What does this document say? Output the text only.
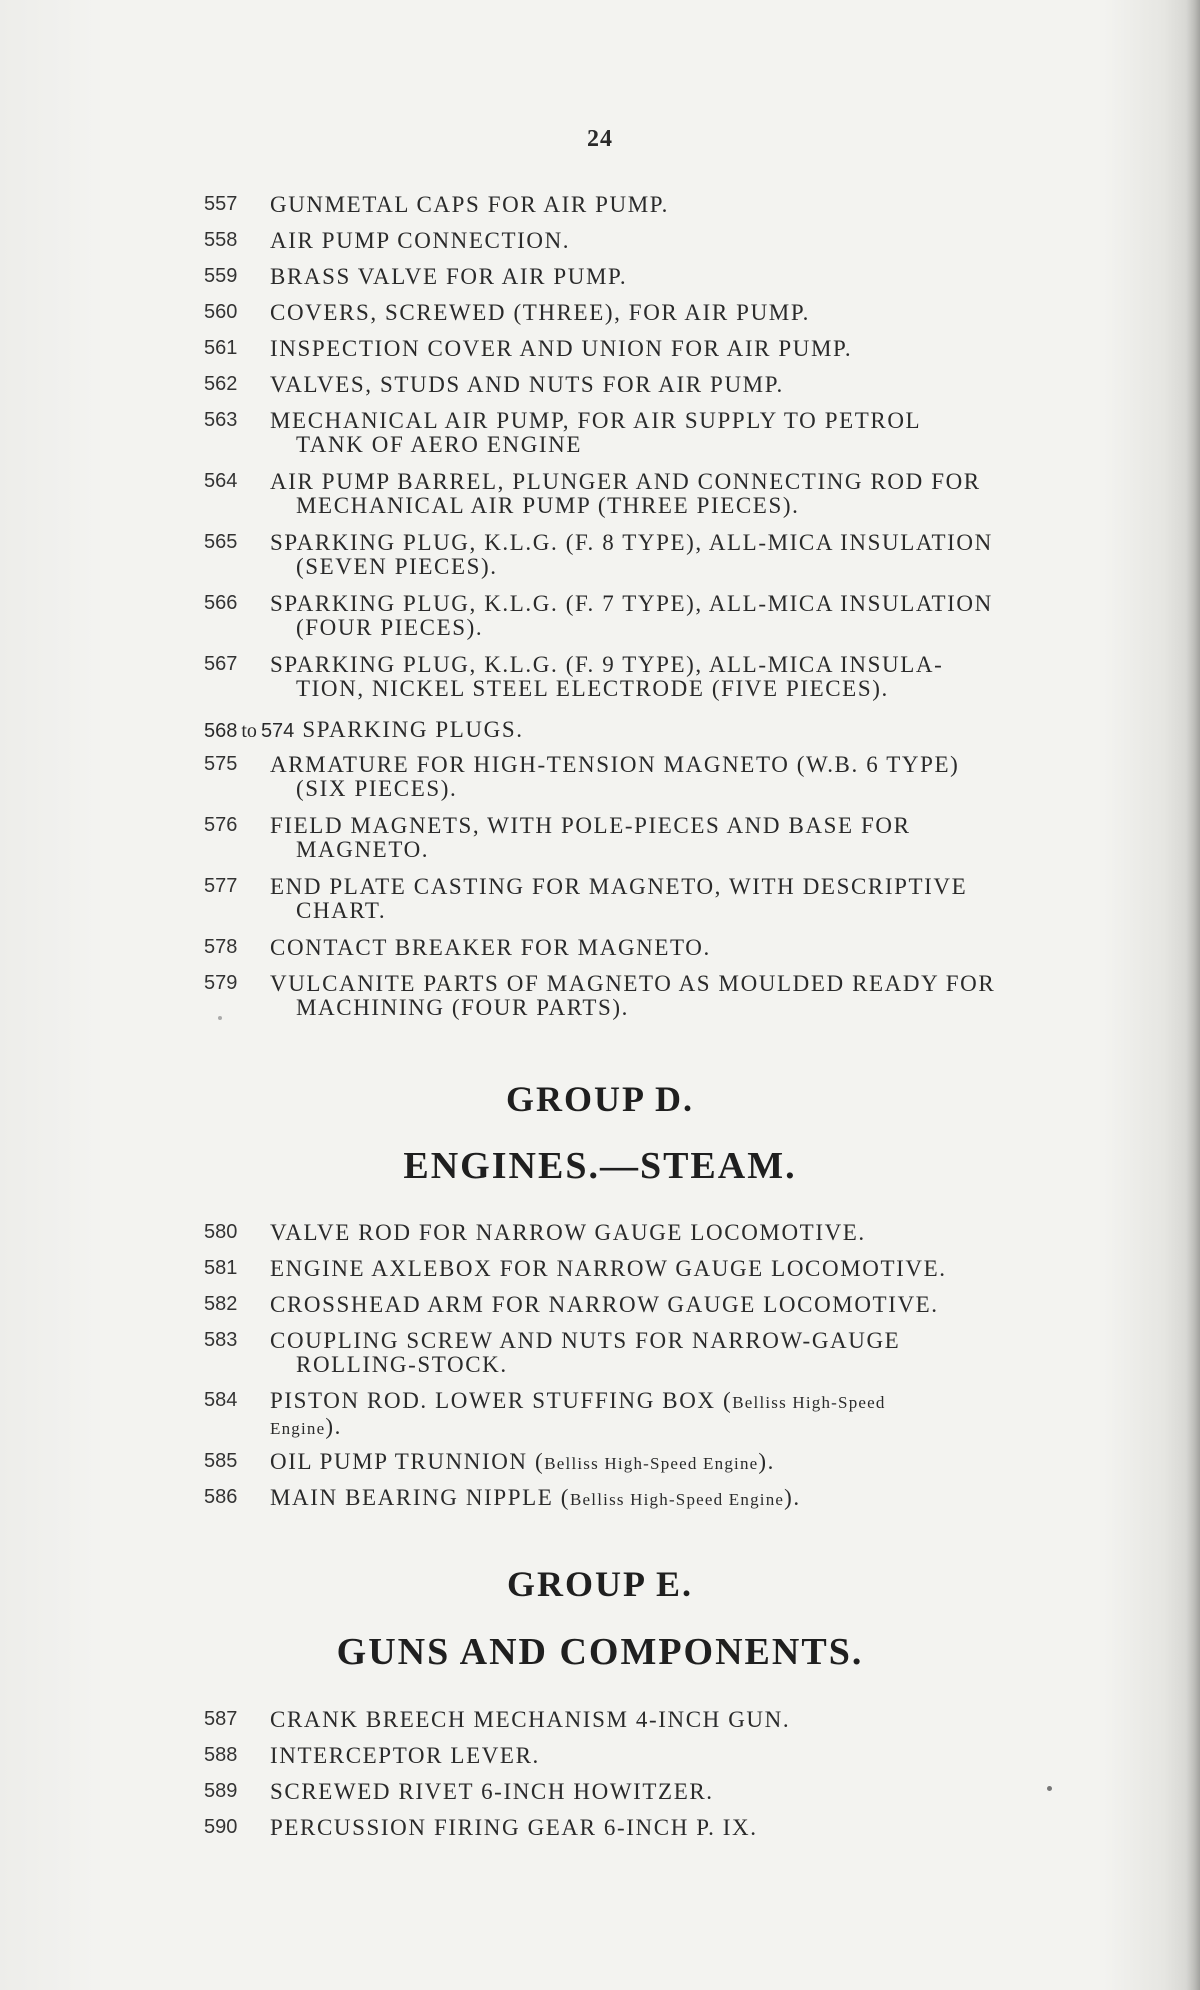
24
557 GUNMETAL CAPS FOR AIR PUMP.
558 AIR PUMP CONNECTION.
559 BRASS VALVE FOR AIR PUMP.
560 COVERS, SCREWED (THREE), FOR AIR PUMP.
561 INSPECTION COVER AND UNION FOR AIR PUMP.
562 VALVES, STUDS AND NUTS FOR AIR PUMP.
563 MECHANICAL AIR PUMP, FOR AIR SUPPLY TO PETROL
TANK OF AERO ENGINE
564 AIR PUMP BARREL, PLUNGER AND CONNECTING ROD FOR
MECHANICAL AIR PUMP (THREE PIECES).
565 SPARKING PLUG, K.L.G. (F. 8 TYPE), ALL-MICA INSULATION
(SEVEN PIECES).
566 SPARKING PLUG, K.L.G. (F. 7 TYPE), ALL-MICA INSULATION
(FOUR PIECES).
567 SPARKING PLUG, K.L.G. (F. 9 TYPE), ALL-MICA INSULA-
TION, NICKEL STEEL ELECTRODE (FIVE PIECES).
568 to 574 SPARKING PLUGS.
575 ARMATURE FOR HIGH-TENSION MAGNETO (W.B. 6 TYPE)
(SIX PIECES).
576 FIELD MAGNETS, WITH POLE-PIECES AND BASE FOR
MAGNETO.
577 END PLATE CASTING FOR MAGNETO, WITH DESCRIPTIVE
CHART.
578 CONTACT BREAKER FOR MAGNETO.
579 VULCANITE PARTS OF MAGNETO AS MOULDED READY FOR
MACHINING (FOUR PARTS).
GROUP D.
ENGINES.—STEAM.
580 VALVE ROD FOR NARROW GAUGE LOCOMOTIVE.
581 ENGINE AXLEBOX FOR NARROW GAUGE LOCOMOTIVE.
582 CROSSHEAD ARM FOR NARROW GAUGE LOCOMOTIVE.
583 COUPLING SCREW AND NUTS FOR NARROW-GAUGE
ROLLING-STOCK.
584 PISTON ROD. LOWER STUFFING BOX (Belliss High-Speed
Engine).
585 OIL PUMP TRUNNION (Belliss High-Speed Engine).
586 MAIN BEARING NIPPLE (Belliss High-Speed Engine).
GROUP E.
GUNS AND COMPONENTS.
587 CRANK BREECH MECHANISM 4-INCH GUN.
588 INTERCEPTOR LEVER.
589 SCREWED RIVET 6-INCH HOWITZER.
590 PERCUSSION FIRING GEAR 6-INCH P. IX.
